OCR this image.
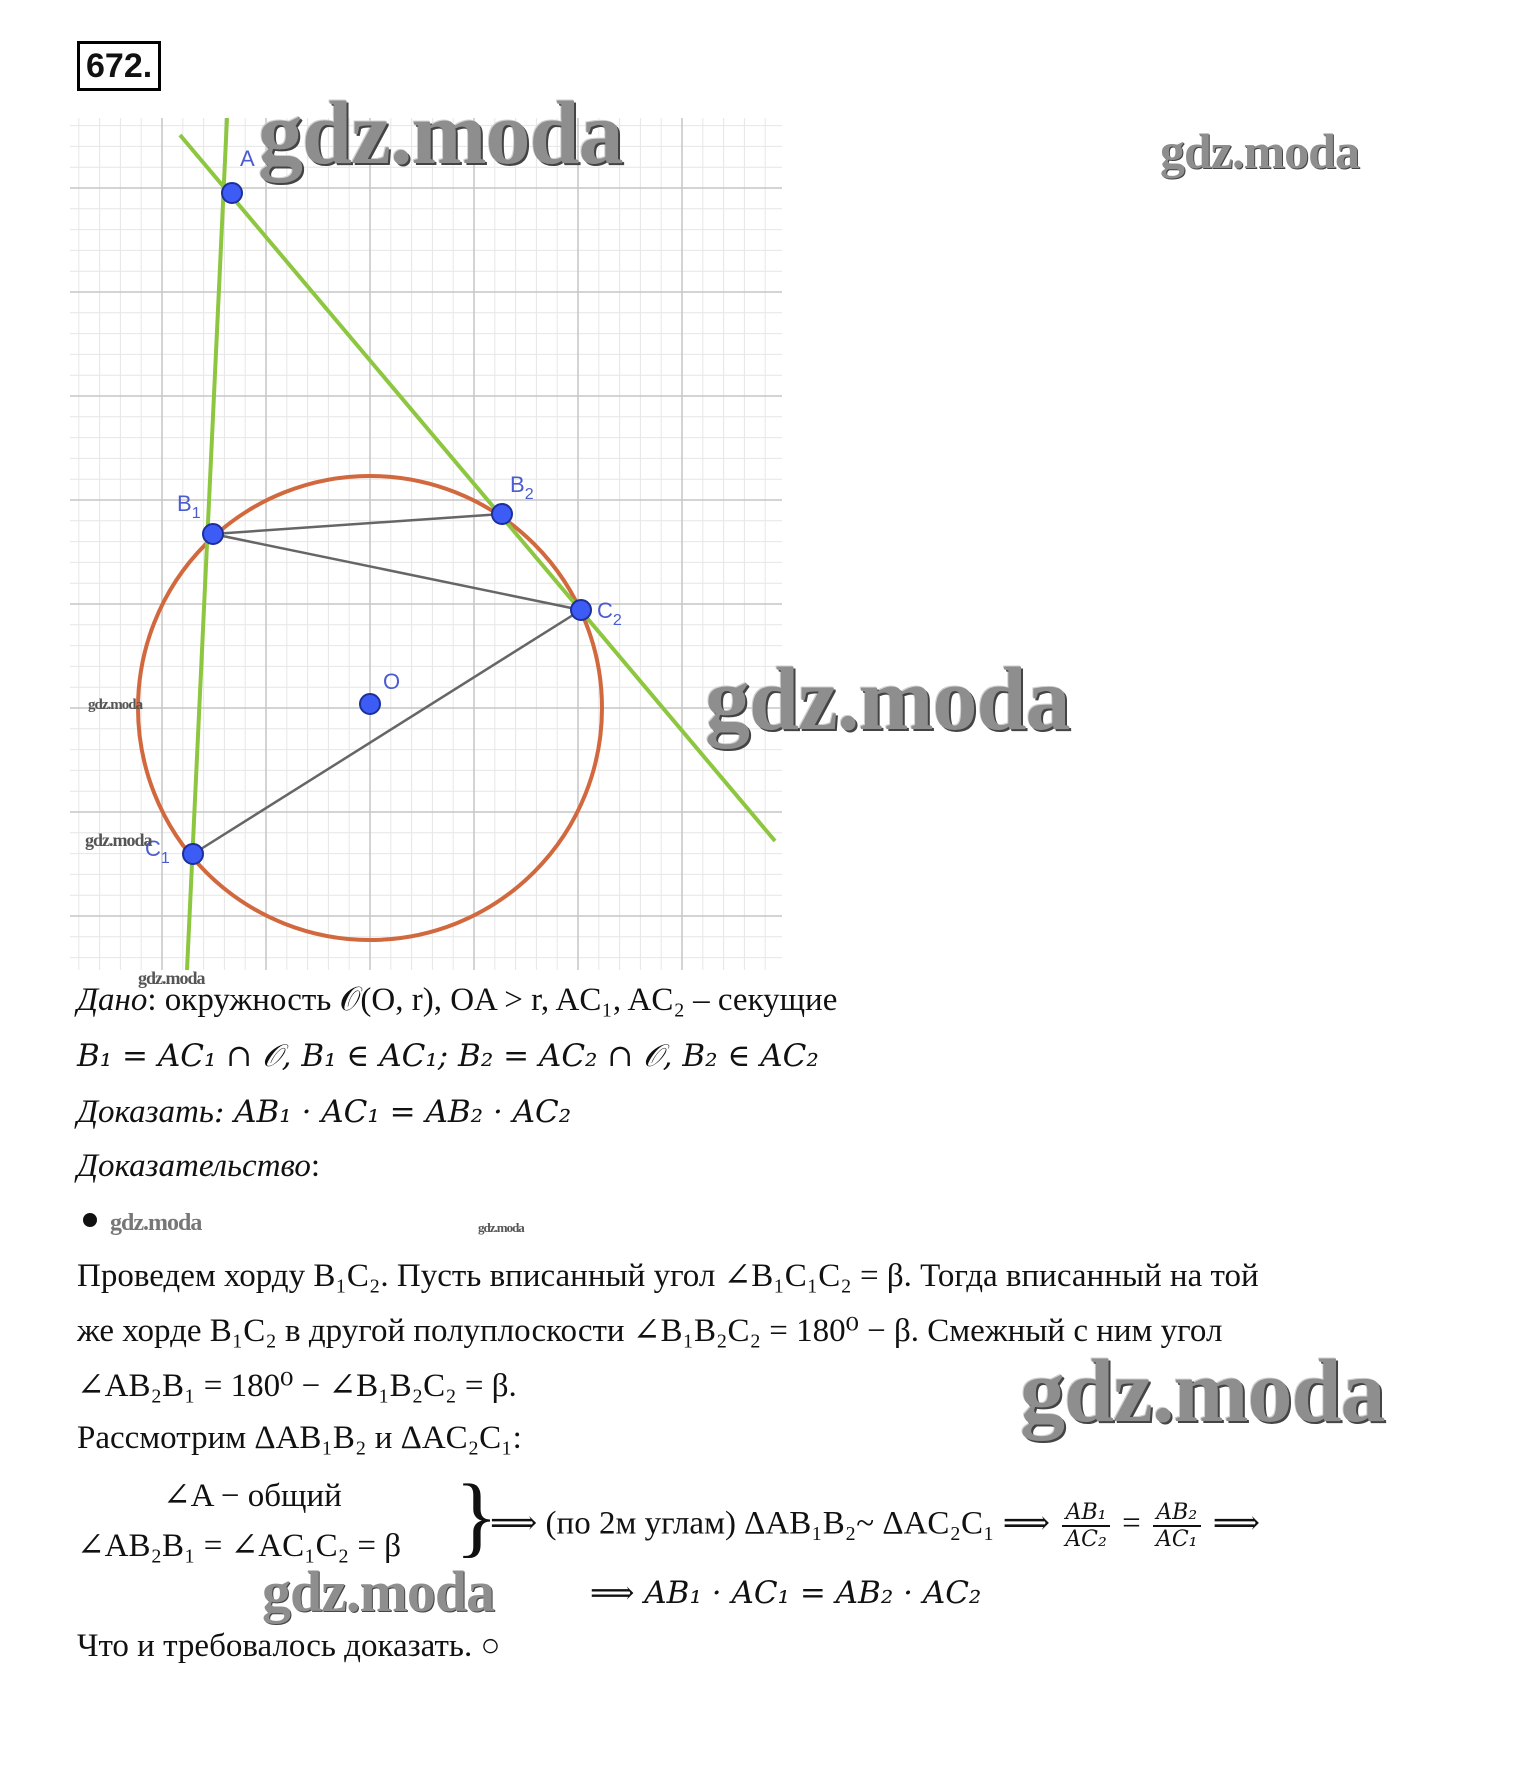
672.
A
$B_1$
$B_2$
$C_2$
O
$C_1$
gdz.moda	gdz.moda
gdz.moda
gdz.moda
gdz.moda
gdz.moda
gdz.moda	gdz.moda
gdz.moda
gdz.moda
Дано: окружность 𝒪(O, r), OA > r, AC₁, AC₂ – секущие
B₁ = AC₁ ∩ 𝒪, B₁ ∈ AC₁; B₂ = AC₂ ∩ 𝒪, B₂ ∈ AC₂
Доказать: AB₁ · AC₁ = AB₂ · AC₂
Доказательство:
Проведем хорду B₁C₂. Пусть вписанный угол ∠B₁C₁C₂ = β. Тогда вписанный на той
же хорде B₁C₂ в другой полуплоскости ∠B₁B₂C₂ = 180⁰ − β. Смежный с ним угол
∠AB₂B₁ = 180⁰ − ∠B₁B₂C₂ = β.
Рассмотрим ΔAB₁B₂ и ΔAC₂C₁:
∠A − общий
∠AB₂B₁ = ∠AC₁C₂ = β }
⟹ (по 2м углам) ΔAB₁B₂~ ΔAC₂C₁ ⟹ $\frac{\text{AB₁}}{\text{AC₂}} = \frac{\text{AB₂}}{\text{AC₁}}$ ⟹
⟹ AB₁ · AC₁ = AB₂ · AC₂
Что и требовалось доказать. ○
